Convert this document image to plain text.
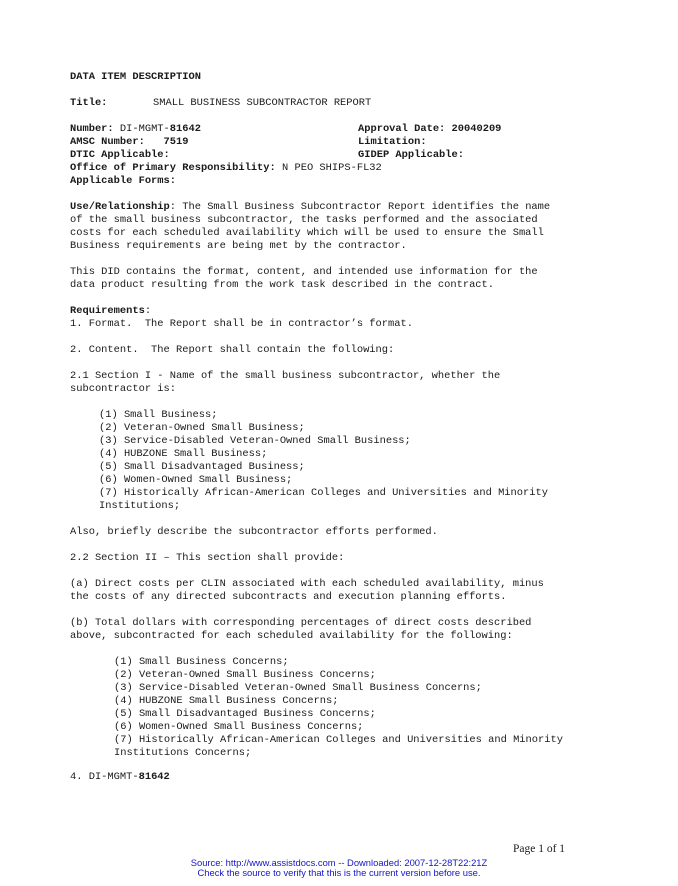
DATA ITEM DESCRIPTION
Title:	SMALL BUSINESS SUBCONTRACTOR REPORT
Number: DI-MGMT-81642	Approval Date: 20040209
AMSC Number:   7519	Limitation:
DTIC Applicable:	GIDEP Applicable:
Office of Primary Responsibility: N PEO SHIPS-FL32
Applicable Forms:
Use/Relationship: The Small Business Subcontractor Report identifies the name
of the small business subcontractor, the tasks performed and the associated
costs for each scheduled availability which will be used to ensure the Small
Business requirements are being met by the contractor.
This DID contains the format, content, and intended use information for the
data product resulting from the work task described in the contract.
Requirements:
1. Format.  The Report shall be in contractor’s format.
2. Content.  The Report shall contain the following:
2.1 Section I - Name of the small business subcontractor, whether the
subcontractor is:
(1) Small Business;
(2) Veteran-Owned Small Business;
(3) Service-Disabled Veteran-Owned Small Business;
(4) HUBZONE Small Business;
(5) Small Disadvantaged Business;
(6) Women-Owned Small Business;
(7) Historically African-American Colleges and Universities and Minority
Institutions;
Also, briefly describe the subcontractor efforts performed.
2.2 Section II – This section shall provide:
(a) Direct costs per CLIN associated with each scheduled availability, minus
the costs of any directed subcontracts and execution planning efforts.
(b) Total dollars with corresponding percentages of direct costs described
above, subcontracted for each scheduled availability for the following:
(1) Small Business Concerns;
(2) Veteran-Owned Small Business Concerns;
(3) Service-Disabled Veteran-Owned Small Business Concerns;
(4) HUBZONE Small Business Concerns;
(5) Small Disadvantaged Business Concerns;
(6) Women-Owned Small Business Concerns;
(7) Historically African-American Colleges and Universities and Minority
Institutions Concerns;
4. DI-MGMT-81642
Page 1 of 1
Source: http://www.assistdocs.com -- Downloaded: 2007-12-28T22:21Z
Check the source to verify that this is the current version before use.
